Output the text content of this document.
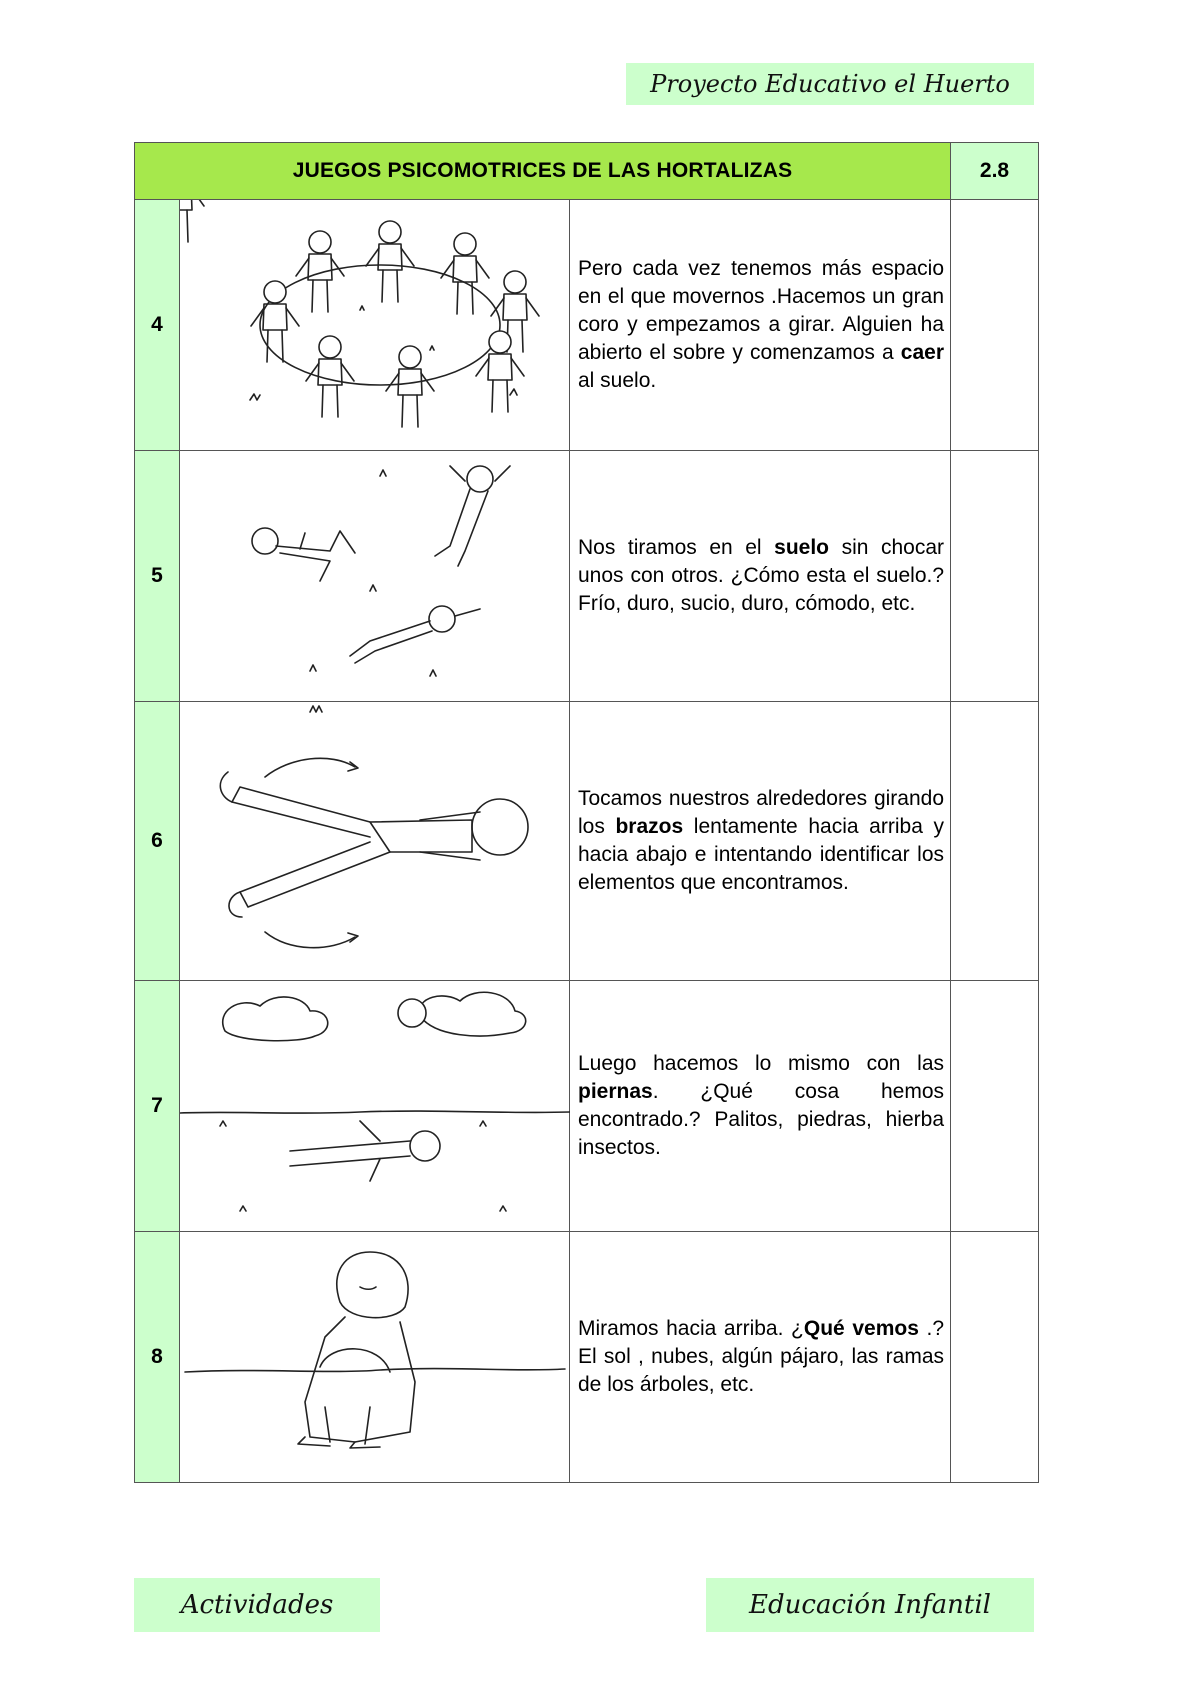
Proyecto Educativo el Huerto
JUEGOS PSICOMOTRICES DE LAS HORTALIZAS			2.8
4		Pero cada vez tenemos más espacio en el que movernos .Hacemos un gran coro y empezamos a girar. Alguien ha abierto el sobre y comenzamos a caer al suelo.	
5		Nos tiramos en el suelo sin chocar unos con otros. ¿Cómo esta el suelo.? Frío, duro, sucio, duro, cómodo, etc.	
6		Tocamos nuestros alrededores girando los brazos lentamente hacia arriba y hacia abajo e intentando identificar los elementos que encontramos.	
7		Luego hacemos lo mismo con las piernas. ¿Qué cosa hemos encontrado.? Palitos, piedras, hierba insectos.	
8		Miramos hacia arriba. ¿Qué vemos .? El sol , nubes, algún pájaro, las ramas de los árboles, etc.	
Actividades	Educación Infantil
